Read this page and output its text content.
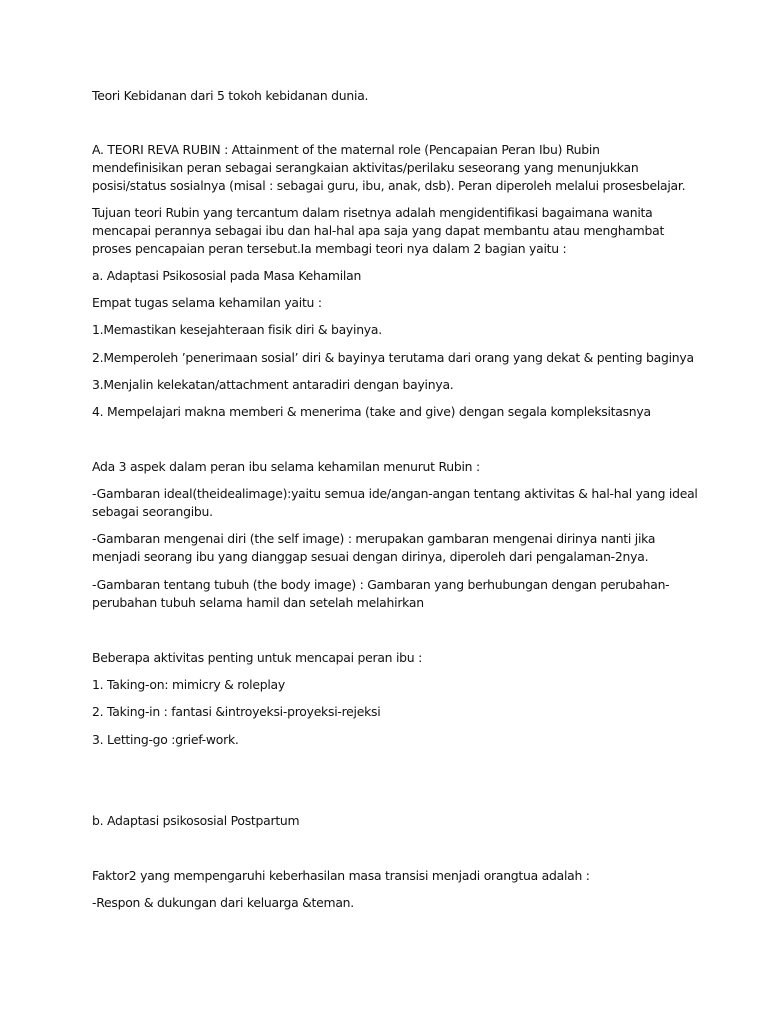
Teori Kebidanan dari 5 tokoh kebidanan dunia.
A. TEORI REVA RUBIN : Attainment of the maternal role (Pencapaian Peran Ibu) Rubin
mendefinisikan peran sebagai serangkaian aktivitas/perilaku seseorang yang menunjukkan
posisi/status sosialnya (misal : sebagai guru, ibu, anak, dsb). Peran diperoleh melalui prosesbelajar.
Tujuan teori Rubin yang tercantum dalam risetnya adalah mengidentifikasi bagaimana wanita
mencapai perannya sebagai ibu dan hal-hal apa saja yang dapat membantu atau menghambat
proses pencapaian peran tersebut.Ia membagi teori nya dalam 2 bagian yaitu :
a. Adaptasi Psikososial pada Masa Kehamilan
Empat tugas selama kehamilan yaitu :
1.Memastikan kesejahteraan fisik diri & bayinya.
2.Memperoleh ’penerimaan sosial’ diri & bayinya terutama dari orang yang dekat & penting baginya
3.Menjalin kelekatan/attachment antaradiri dengan bayinya.
4. Mempelajari makna memberi & menerima (take and give) dengan segala kompleksitasnya
Ada 3 aspek dalam peran ibu selama kehamilan menurut Rubin :
-Gambaran ideal(theidealimage):yaitu semua ide/angan-angan tentang aktivitas & hal-hal yang ideal
sebagai seorangibu.
-Gambaran mengenai diri (the self image) : merupakan gambaran mengenai dirinya nanti jika
menjadi seorang ibu yang dianggap sesuai dengan dirinya, diperoleh dari pengalaman-2nya.
-Gambaran tentang tubuh (the body image) : Gambaran yang berhubungan dengan perubahan-
perubahan tubuh selama hamil dan setelah melahirkan
Beberapa aktivitas penting untuk mencapai peran ibu :
1. Taking-on: mimicry & roleplay
2. Taking-in : fantasi &introyeksi-proyeksi-rejeksi
3. Letting-go :grief-work.
b. Adaptasi psikososial Postpartum
Faktor2 yang mempengaruhi keberhasilan masa transisi menjadi orangtua adalah :
-Respon & dukungan dari keluarga &teman.
